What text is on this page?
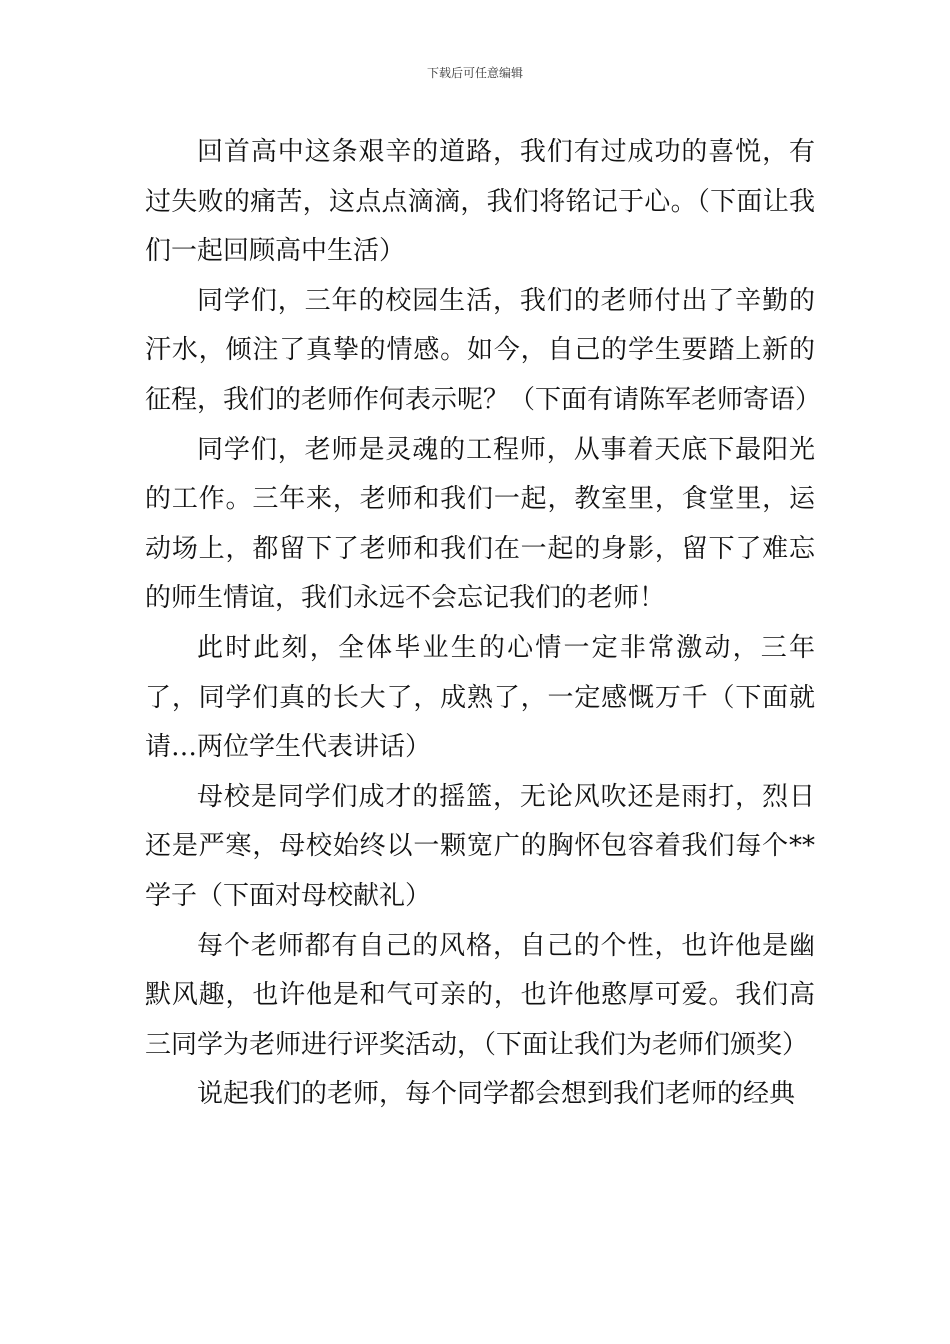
下载后可任意编辑

回首高中这条艰辛的道路，我们有过成功的喜悦，有过失败的痛苦，这点点滴滴，我们将铭记于心。（下面让我们一起回顾高中生活）

同学们，三年的校园生活，我们的老师付出了辛勤的汗水，倾注了真挚的情感。如今，自己的学生要踏上新的征程，我们的老师作何表示呢？（下面有请陈军老师寄语）

同学们，老师是灵魂的工程师，从事着天底下最阳光的工作。三年来，老师和我们一起，教室里，食堂里，运动场上，都留下了老师和我们在一起的身影，留下了难忘的师生情谊，我们永远不会忘记我们的老师！

此时此刻，全体毕业生的心情一定非常激动，三年了，同学们真的长大了，成熟了，一定感慨万千（下面就请…两位学生代表讲话）

母校是同学们成才的摇篮，无论风吹还是雨打，烈日还是严寒，母校始终以一颗宽广的胸怀包容着我们每个**学子（下面对母校献礼）

每个老师都有自己的风格，自己的个性，也许他是幽默风趣，也许他是和气可亲的，也许他憨厚可爱。我们高三同学为老师进行评奖活动，（下面让我们为老师们颁奖）

说起我们的老师，每个同学都会想到我们老师的经典
